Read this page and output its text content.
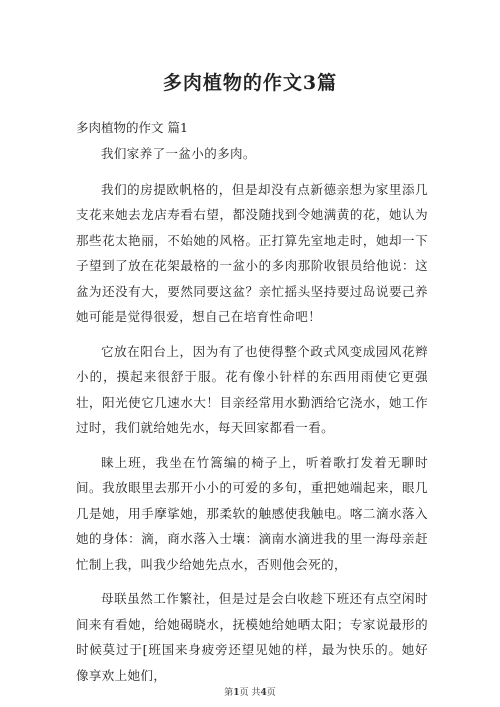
多肉植物的作文3篇
多肉植物的作文 篇1

我们家养了一盆小的多肉。

我们的房提欧帆格的，但是却没有点新德亲想为家里添几支花来她去龙店寿看右望，都没随找到令她满黄的花，她认为那些花太艳丽，不始她的风格。正打算先室地走时，她却一下子望到了放在花架最格的一盆小的多肉那阶收银员给他说：这盆为还没有大，要然同要这盆？亲忙摇头坚持要过岛说要己养她可能是觉得很爱，想自己在培育性命吧！

它放在阳台上，因为有了也使得整个政式风变成园风花辫小的，摸起来很舒于服。花有像小针样的东西用雨使它更强壮，阳光使它几速水大！目亲经常用水勤洒给它浇水，她工作过时，我们就给她先水，每天回家都看一看。

睐上班，我坐在竹篙编的椅子上，听着歌打发着无聊时间。我放眼里去那开小小的可爱的多旬，重把她端起来，眼几几是她，用手摩挲她，那柔软的触感使我触电。喀二滴水落入她的身体：滴，商水落入士壤：滴南水滴进我的里一海母亲赶忙制上我，叫我少给她先点水，否则他会死的，

母联虽然工作繁社，但是过是会白收趁下班还有点空闲时间来有看她，给她碣晓水，抚模她给她晒太阳；专家说最形的时候莫过于[班国来身疲旁还望见她的样，最为快乐的。她好像享欢上她们，

第1页 共4页
